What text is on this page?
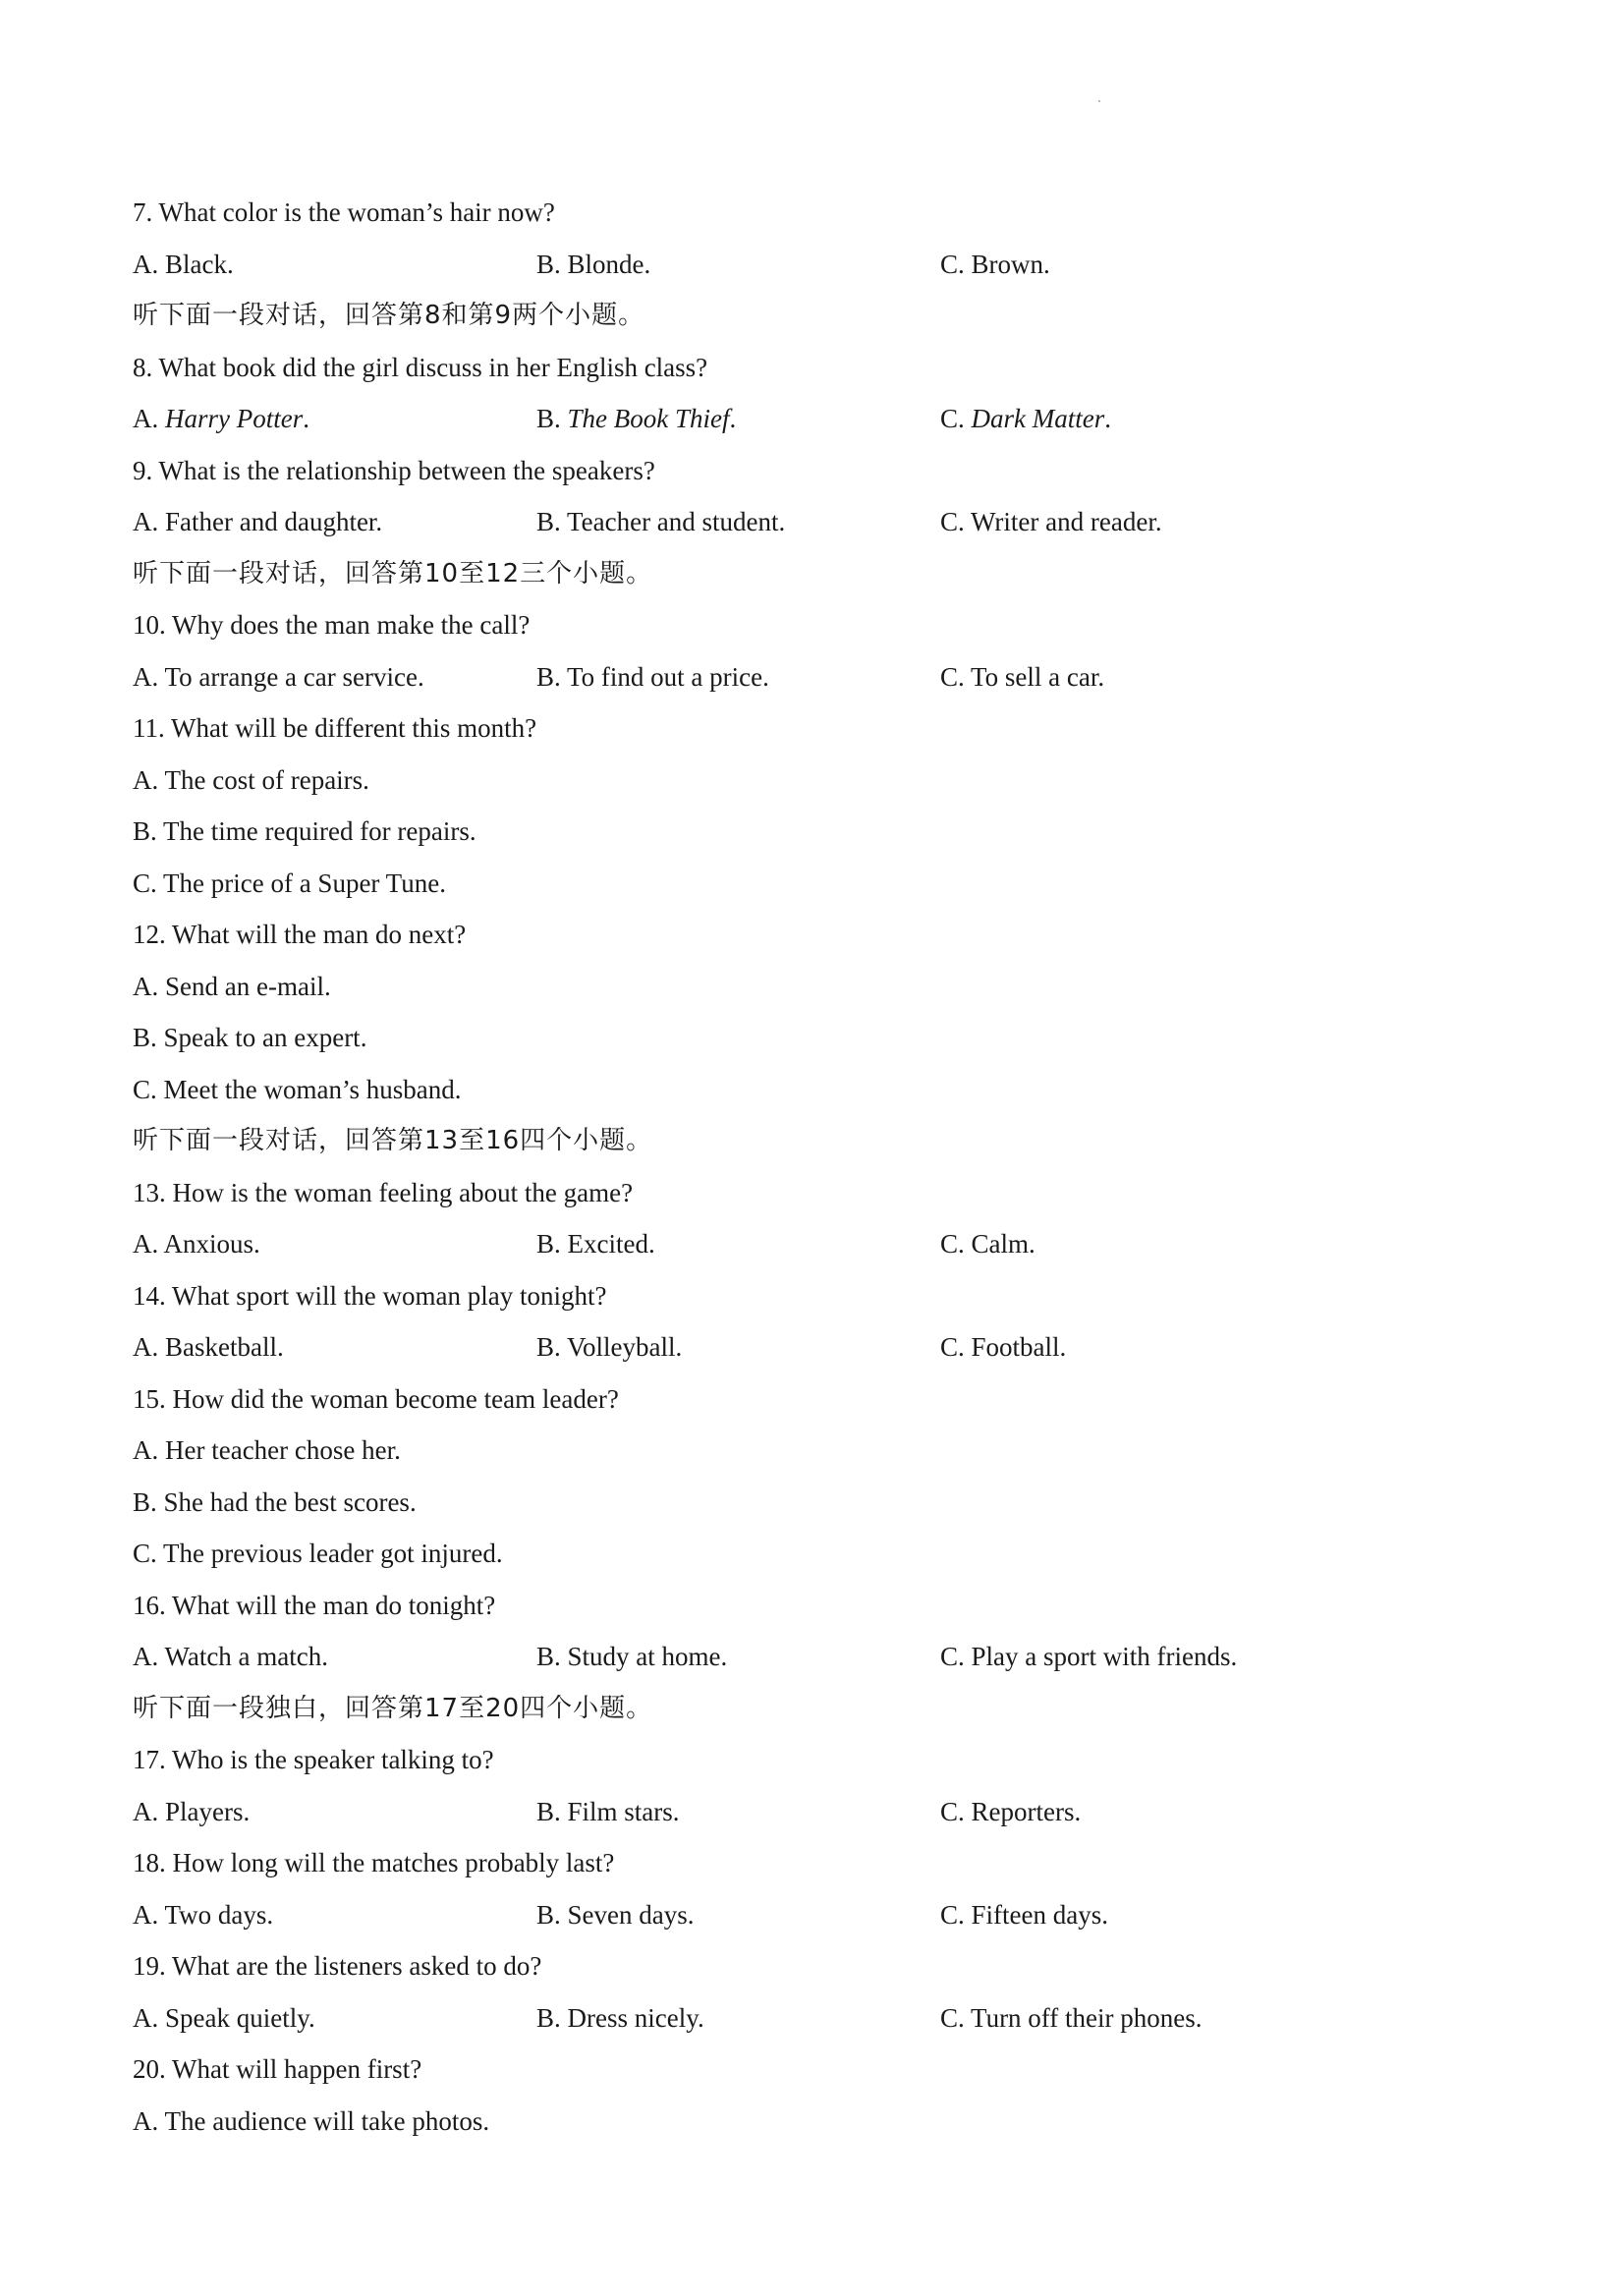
7. What color is the woman’s hair now?
A. Black.	B. Blonde.	C. Brown.
听下面一段对话，回答第8和第9两个小题。
8. What book did the girl discuss in her English class?
A. Harry Potter.	B. The Book Thief.	C. Dark Matter.
9. What is the relationship between the speakers?
A. Father and daughter.	B. Teacher and student.	C. Writer and reader.
听下面一段对话，回答第10至12三个小题。
10. Why does the man make the call?
A. To arrange a car service.	B. To find out a price.	C. To sell a car.
11. What will be different this month?
A. The cost of repairs.
B. The time required for repairs.
C. The price of a Super Tune.
12. What will the man do next?
A. Send an e-mail.
B. Speak to an expert.
C. Meet the woman’s husband.
听下面一段对话，回答第13至16四个小题。
13. How is the woman feeling about the game?
A. Anxious.	B. Excited.	C. Calm.
14. What sport will the woman play tonight?
A. Basketball.	B. Volleyball.	C. Football.
15. How did the woman become team leader?
A. Her teacher chose her.
B. She had the best scores.
C. The previous leader got injured.
16. What will the man do tonight?
A. Watch a match.	B. Study at home.	C. Play a sport with friends.
听下面一段独白，回答第17至20四个小题。
17. Who is the speaker talking to?
A. Players.	B. Film stars.	C. Reporters.
18. How long will the matches probably last?
A. Two days.	B. Seven days.	C. Fifteen days.
19. What are the listeners asked to do?
A. Speak quietly.	B. Dress nicely.	C. Turn off their phones.
20. What will happen first?
A. The audience will take photos.
